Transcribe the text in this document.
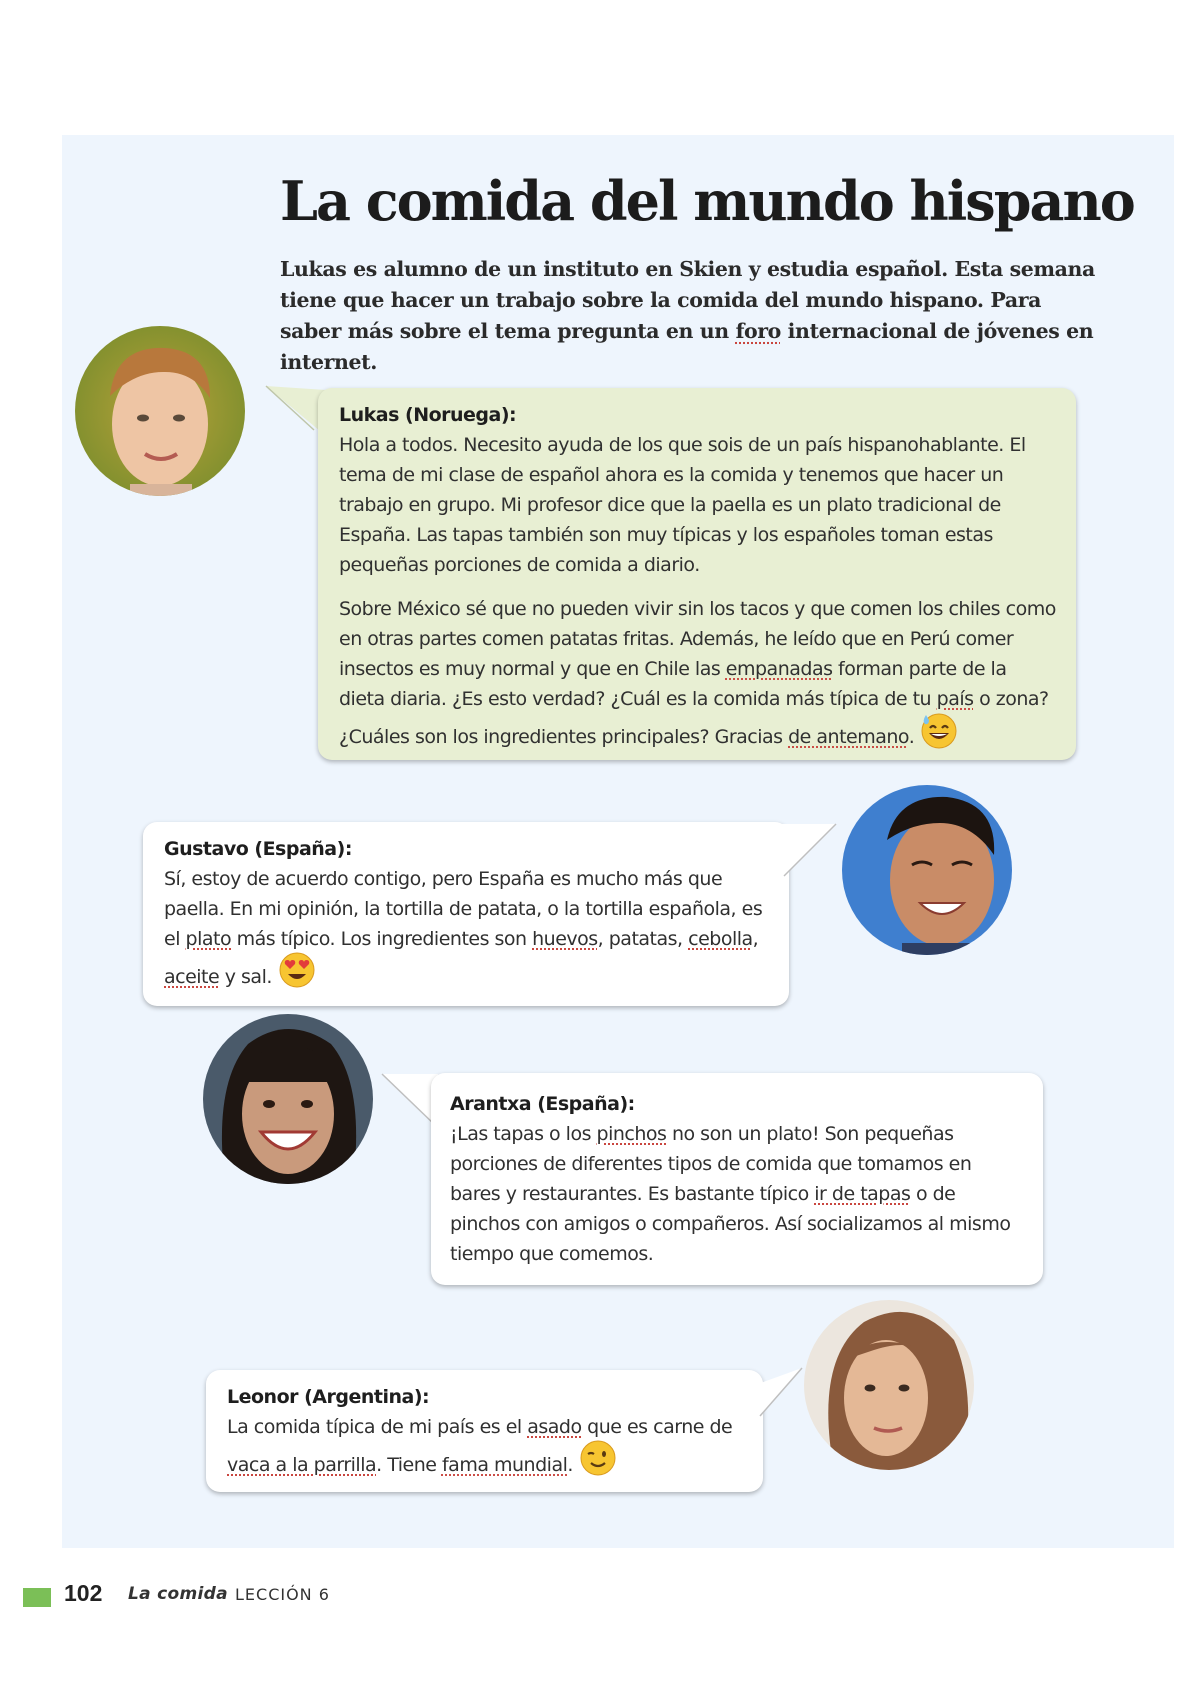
La comida del mundo hispano

Lukas es alumno de un instituto en Skien y estudia español. Esta semana tiene que hacer un trabajo sobre la comida del mundo hispano. Para saber más sobre el tema pregunta en un foro internacional de jóvenes en internet.

Lukas (Noruega):

Hola a todos. Necesito ayuda de los que sois de un país hispanohablante. El tema de mi clase de español ahora es la comida y tenemos que hacer un trabajo en grupo. Mi profesor dice que la paella es un plato tradicional de España. Las tapas también son muy típicas y los españoles toman estas pequeñas porciones de comida a diario.

Sobre México sé que no pueden vivir sin los tacos y que comen los chiles como en otras partes comen patatas fritas. Además, he leído que en Perú comer insectos es muy normal y que en Chile las empanadas forman parte de la dieta diaria. ¿Es esto verdad? ¿Cuál es la comida más típica de tu país o zona? ¿Cuáles son los ingredientes principales? Gracias de antemano.

Gustavo (España):
Sí, estoy de acuerdo contigo, pero España es mucho más que paella. En mi opinión, la tortilla de patata, o la tortilla española, es el plato más típico. Los ingredientes son huevos, patatas, cebolla, aceite y sal.
Arantxa (España):
¡Las tapas o los pinchos no son un plato! Son pequeñas porciones de diferentes tipos de comida que tomamos en bares y restaurantes. Es bastante típico ir de tapas o de pinchos con amigos o compañeros. Así socializamos al mismo tiempo que comemos.
Leonor (Argentina):
La comida típica de mi país es el asado que es carne de vaca a la parrilla. Tiene fama mundial.
102 La comida LECCIÓN 6
